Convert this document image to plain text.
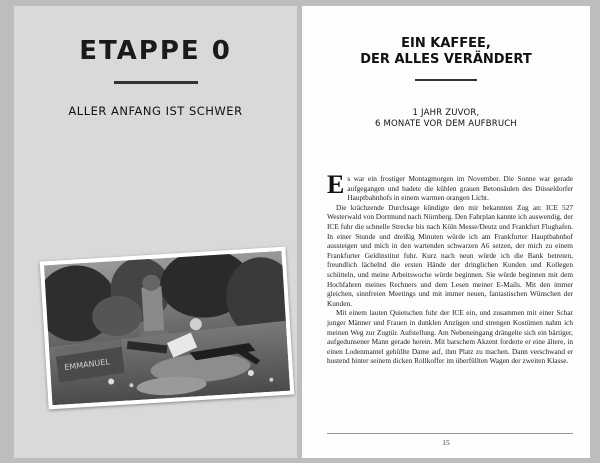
ETAPPE 0
ALLER ANFANG IST SCHWER
EMMANUEL
EIN KAFFEE,
DER ALLES VERÄNDERT
1 JAHR ZUVOR,
6 MONATE VOR DEM AUFBRUCH

Es war ein frostiger Montagmorgen im November. Die Sonne war gerade aufgegangen und badete die kühlen grauen Betonsäulen des Düsseldorfer Hauptbahnhofs in einem warmen orangen Licht.

Die krächzende Durchsage kündigte den mir bekannten Zug an: ICE 527 Westerwald von Dortmund nach Nürnberg. Den Fahrplan kannte ich auswendig, der ICE fuhr die schnelle Strecke bis nach Köln Messe/Deutz und Frankfurt Flughafen. In einer Stunde und dreißig Minuten würde ich am Frankfurter Hauptbahnhof aussteigen und mich in den wartenden schwarzen A6 setzen, der mich zu einem Frankfurter Geldinstitut fuhr. Kurz nach neun würde ich die Bank betreten, freundlich lächelnd die ersten Hände der dringlichen Kunden und Kollegen schütteln, und meine Arbeitswoche würde beginnen. Sie würde beginnen mit dem Hochfahren meines Rechners und dem Lesen meiner E-Mails. Mit den immer gleichen, sinnfreien Meetings und mit immer neuen, fantastischen Wünschen der Kunden.

Mit einem lauten Quietschen fuhr der ICE ein, und zusammen mit einer Schar junger Männer und Frauen in dunklen Anzügen und strengen Kostümen nahm ich meinen Weg zur Zugtür. Aufstellung. Am Nebeneingang drängelte sich ein bärtiger, aufgedunsener Mann gerade herein. Mit barschem Akzent forderte er eine ältere, in einen Lodenmantel gehüllte Dame auf, ihm Platz zu machen. Dann verschwand er hustend hinter seinem dicken Rollkoffer im überfüllten Wagen der zweiten Klasse.

15
